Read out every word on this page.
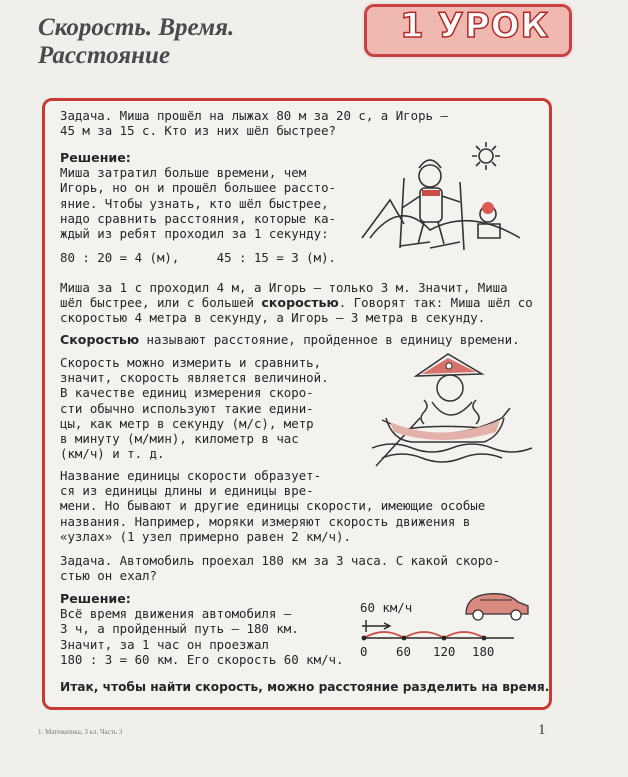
Скорость. Время.
Расстояние
1 УРОК
Задача. Миша прошёл на лыжах 80 м за 20 с, а Игорь —
45 м за 15 с. Кто из них шёл быстрее?
Решение:
Миша затратил больше времени, чем
Игорь, но он и прошёл большее рассто-
яние. Чтобы узнать, кто шёл быстрее,
надо сравнить расстояния, которые ка-
ждый из ребят проходил за 1 секунду:
80 : 20 = 4 (м),     45 : 15 = 3 (м).
Миша за 1 с проходил 4 м, а Игорь — только 3 м. Значит, Миша
шёл быстрее, или с большей скоростью. Говорят так: Миша шёл со
скоростью 4 метра в секунду, а Игорь — 3 метра в секунду.
Скоростью называют расстояние, пройденное в единицу времени.
Скорость можно измерить и сравнить,
значит, скорость является величиной.
В качестве единиц измерения скоро-
сти обычно используют такие едини-
цы, как метр в секунду (м/с), метр
в минуту (м/мин), километр в час
(км/ч) и т. д.
Название единицы скорости образует-
ся из единицы длины и единицы вре-
мени. Но бывают и другие единицы скорости, имеющие особые
названия. Например, моряки измеряют скорость движения в
«узлах» (1 узел примерно равен 2 км/ч).
Задача. Автомобиль проехал 180 км за 3 часа. С какой скоро-
стью он ехал?
Решение:
Всё время движения автомобиля —
3 ч, а пройденный путь — 180 км.
Значит, за 1 час он проезжал
180 : 3 = 60 км. Его скорость 60 км/ч.
60 км/ч
0 60 120 180
Итак, чтобы найти скорость, можно расстояние разделить на время.
1. Математика, 3 кл. Часть 3	1
